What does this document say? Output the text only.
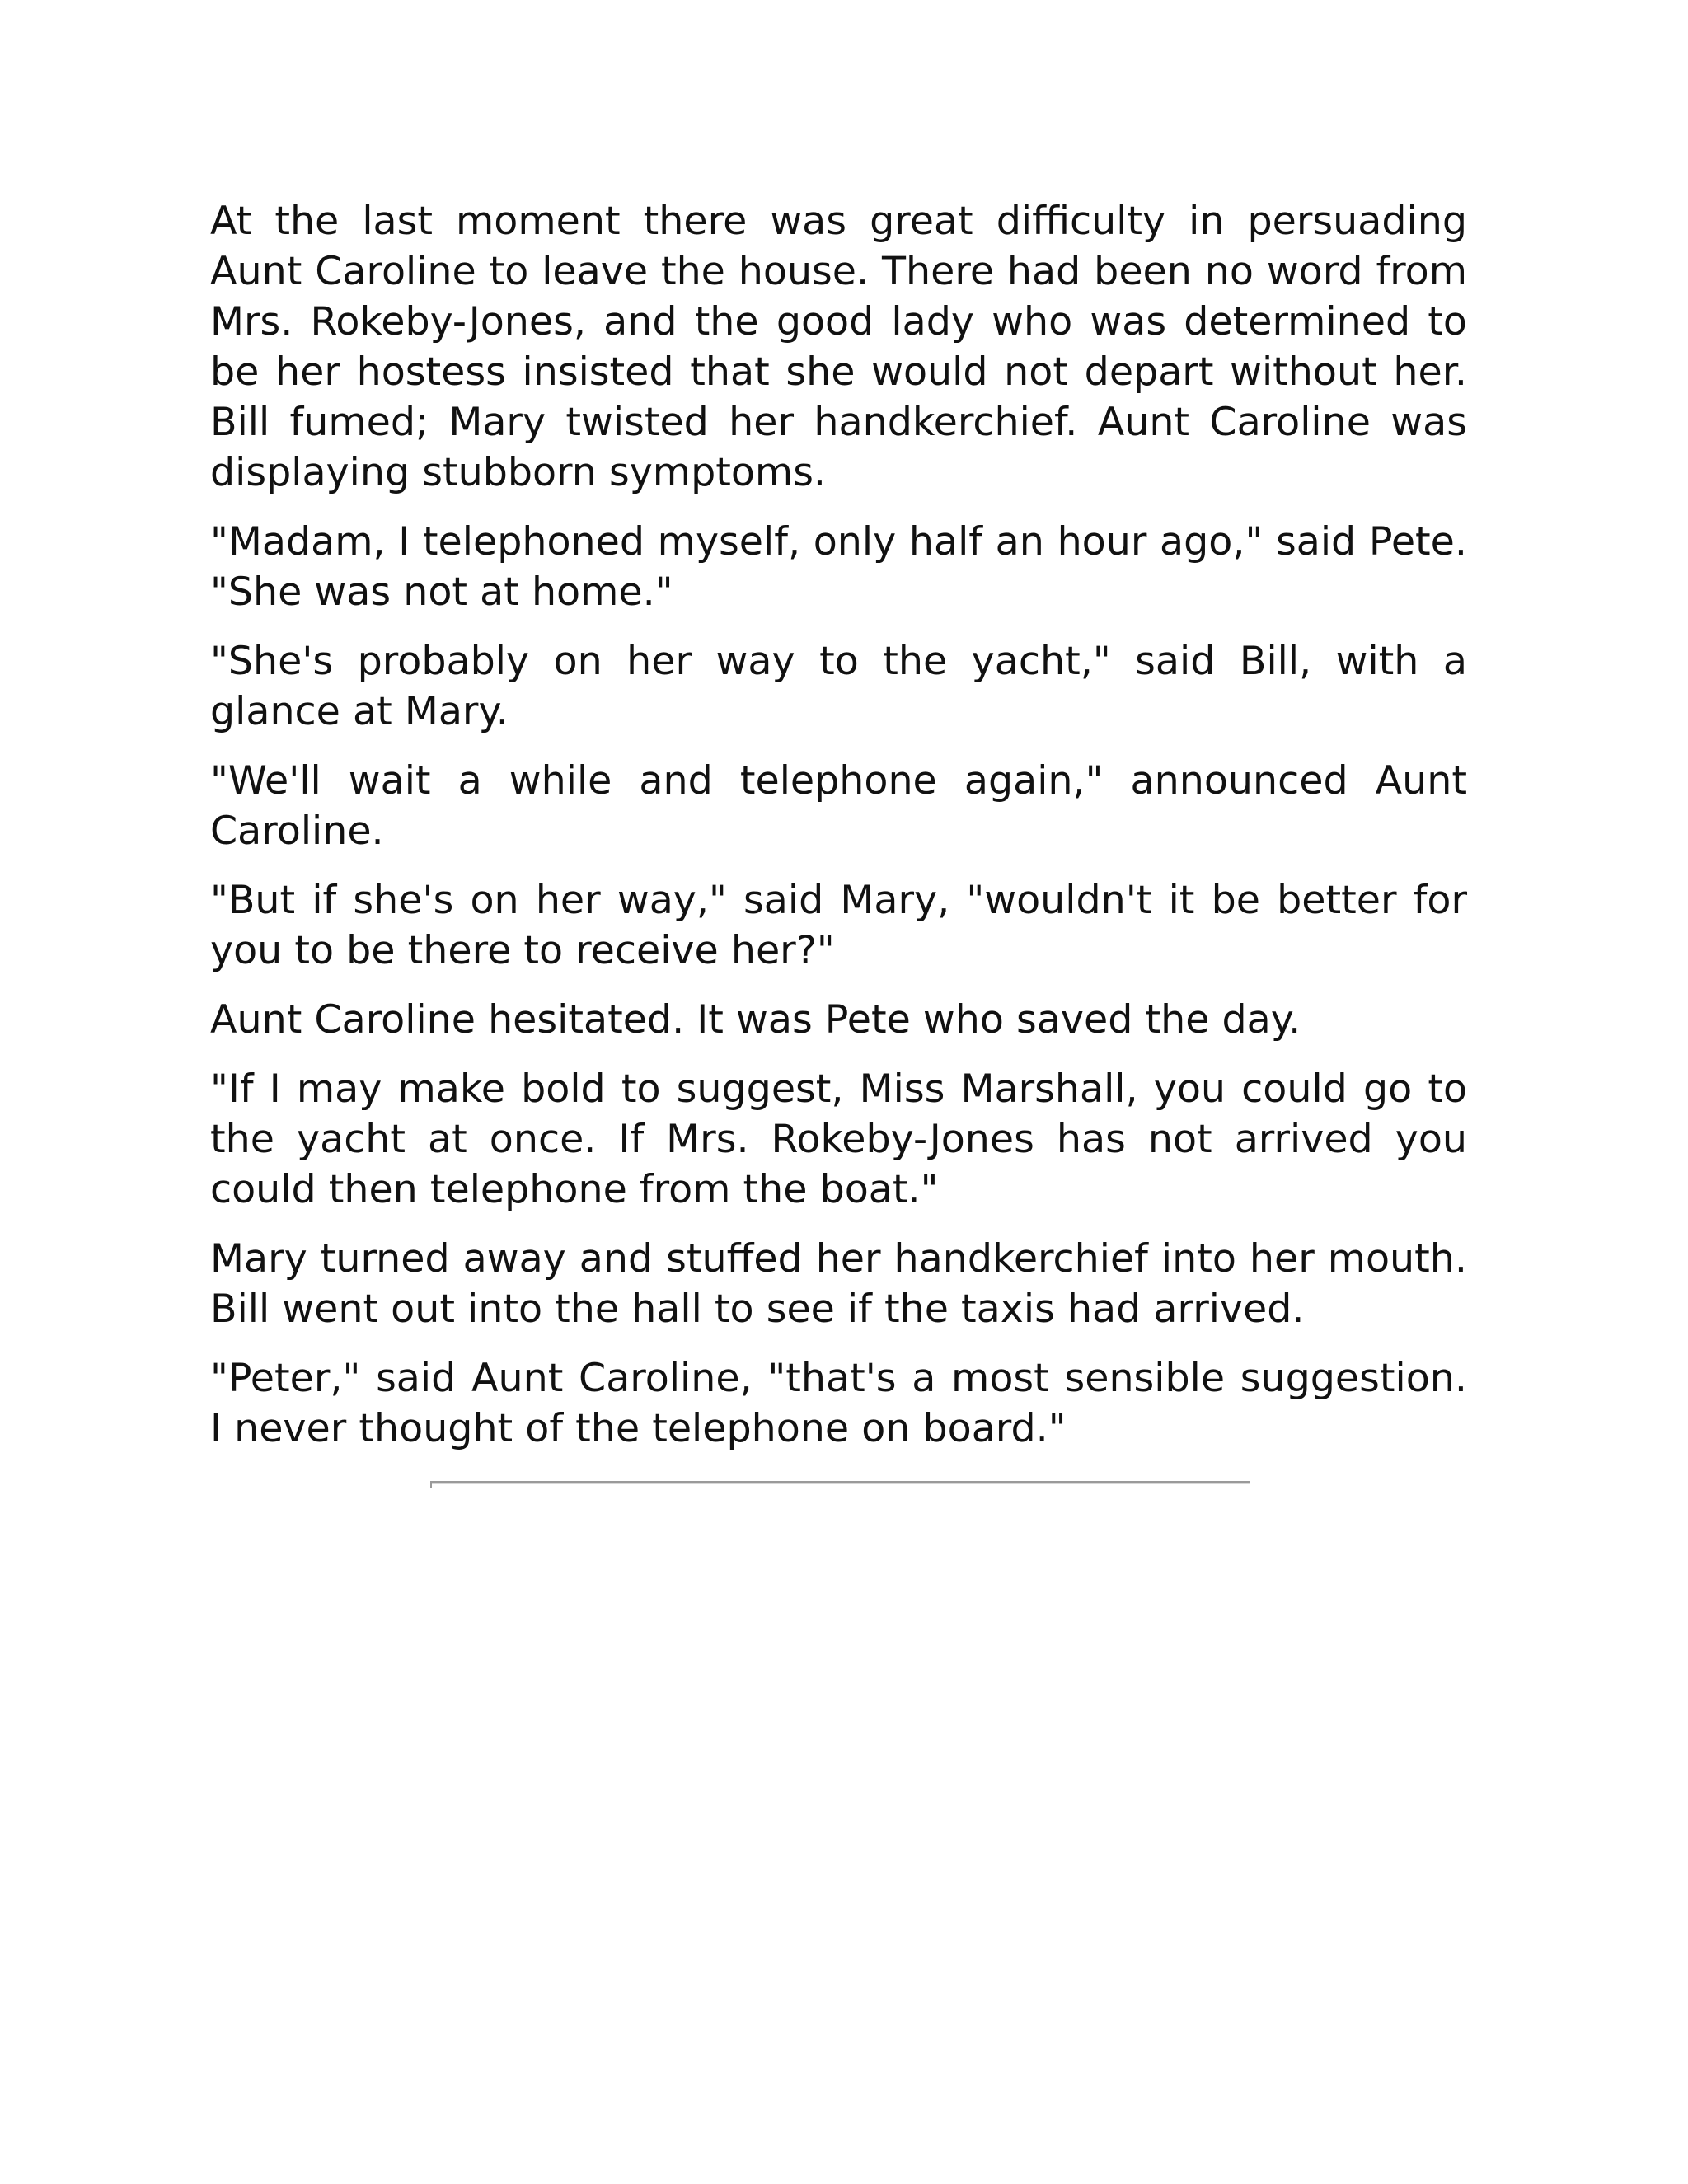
At the last moment there was great difficulty in persuading Aunt Caroline to leave the house. There had been no word from Mrs. Rokeby-Jones, and the good lady who was determined to be her hostess insisted that she would not depart without her. Bill fumed; Mary twisted her handkerchief. Aunt Caroline was displaying stubborn symptoms.

"Madam, I telephoned myself, only half an hour ago," said Pete. "She was not at home."

"She's probably on her way to the yacht," said Bill, with a glance at Mary.

"We'll wait a while and telephone again," announced Aunt Caroline.

"But if she's on her way," said Mary, "wouldn't it be better for you to be there to receive her?"

Aunt Caroline hesitated. It was Pete who saved the day.

"If I may make bold to suggest, Miss Marshall, you could go to the yacht at once. If Mrs. Rokeby-Jones has not arrived you could then telephone from the boat."

Mary turned away and stuffed her handkerchief into her mouth. Bill went out into the hall to see if the taxis had arrived.

"Peter," said Aunt Caroline, "that's a most sensible suggestion. I never thought of the telephone on board."
